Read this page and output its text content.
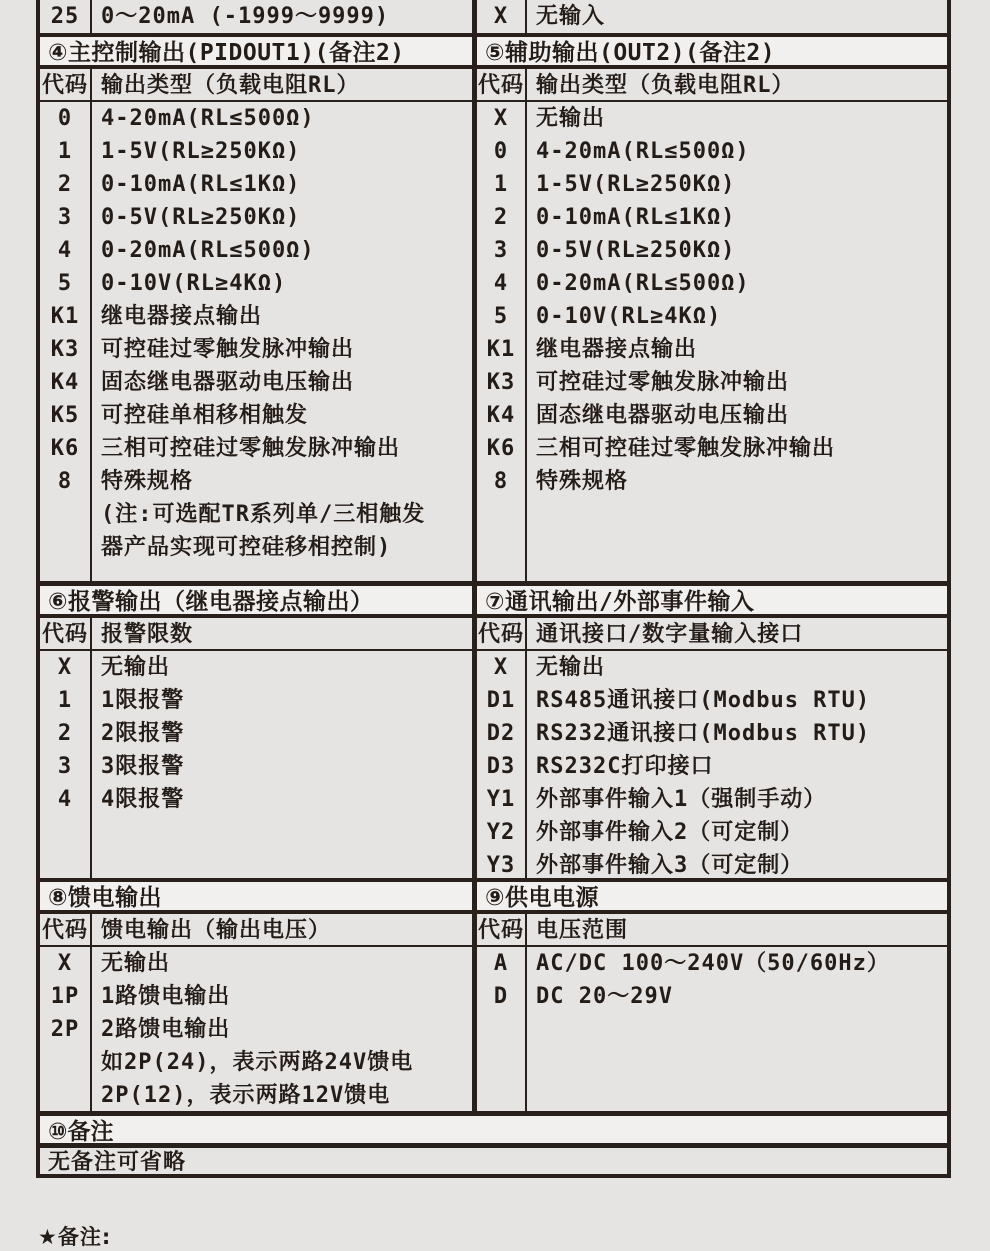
25 0～20mA (-1999～9999)	X	无输入
④主控制输出(PIDOUT1)(备注2)	⑤辅助输出(OUT2)(备注2)
代码 输出类型（负载电阻RL）	代码 输出类型（负载电阻RL）
0	4-20mA(RL≤500Ω)
1	1-5V(RL≥250KΩ)
2	0-10mA(RL≤1KΩ)
3	0-5V(RL≥250KΩ)
4	0-20mA(RL≤500Ω)
5	0-10V(RL≥4KΩ)
K1 继电器接点输出
K3 可控硅过零触发脉冲输出
K4 固态继电器驱动电压输出
K5 可控硅单相移相触发
K6 三相可控硅过零触发脉冲输出
8	特殊规格
(注:可选配TR系列单/三相触发
器产品实现可控硅移相控制)
X	无输出
0	4-20mA(RL≤500Ω)
1	1-5V(RL≥250KΩ)
2	0-10mA(RL≤1KΩ)
3	0-5V(RL≥250KΩ)
4	0-20mA(RL≤500Ω)
5	0-10V(RL≥4KΩ)
K1 继电器接点输出
K3 可控硅过零触发脉冲输出
K4 固态继电器驱动电压输出
K6 三相可控硅过零触发脉冲输出
8	特殊规格
⑥报警输出（继电器接点输出）	⑦通讯输出/外部事件输入
代码 报警限数	代码 通讯接口/数字量输入接口
X	无输出
1	1限报警
2	2限报警
3	3限报警
4	4限报警
X	无输出
D1 RS485通讯接口(Modbus RTU)
D2 RS232通讯接口(Modbus RTU)
D3 RS232C打印接口
Y1 外部事件输入1（强制手动）
Y2 外部事件输入2（可定制）
Y3 外部事件输入3（可定制）
⑧馈电输出	⑨供电电源
代码 馈电输出（输出电压）	代码 电压范围
X	无输出
1P 1路馈电输出
2P 2路馈电输出
如2P(24)，表示两路24V馈电
2P(12)，表示两路12V馈电
A	AC/DC 100～240V（50/60Hz）
D	DC 20～29V
⑩备注
无备注可省略
★备注:
